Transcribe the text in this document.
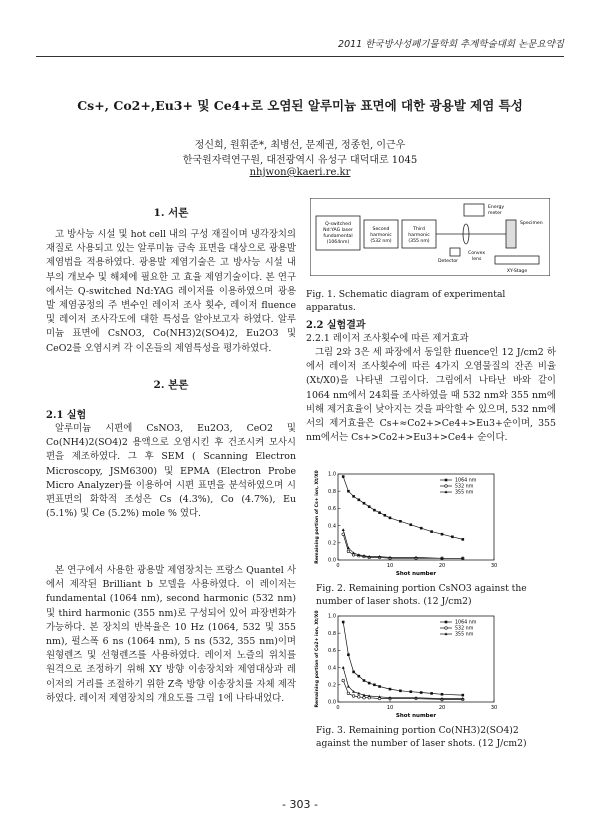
2011 한국방사성폐기물학회 추계학술대회 논문요약집
Cs+, Co2+,Eu3+ 및 Ce4+로 오염된 알루미늄 표면에 대한 광용발 제염 특성
정신희, 원휘준*, 최병선, 문제권, 정종헌, 이근우
한국원자력연구원, 대전광역시 유성구 대덕대로 1045
nhjwon@kaeri.re.kr
1. 서론
고 방사능 시설 및 hot cell 내의 구성 재질이며 냉각장치의 재질로 사용되고 있는 알루미늄 금속 표면을 대상으로 광용발 제염법을 적용하였다. 광용발 제염기술은 고 방사능 시설 내부의 개보수 및 해체에 필요한 고 효율 제염기술이다. 본 연구에서는 Q-switched Nd:YAG 레이저를 이용하였으며 광용발 제염공정의 주 변수인 레이저 조사 횟수, 레이저 fluence 및 레이저 조사각도에 대한 특성을 알아보고자 하였다. 알루미늄 표면에 CsNO3, Co(NH3)2(SO4)2, Eu2O3 및 CeO2를 오염시켜 각 이온들의 제염특성을 평가하였다.
2. 본론
2.1 실험
알루미늄 시편에 CsNO3, Eu2O3, CeO2 및 Co(NH4)2(SO4)2 용액으로 오염시킨 후 건조시켜 모사시편을 제조하였다. 그 후 SEM ( Scanning Electron Microscopy, JSM6300) 및 EPMA (Electron Probe Micro Analyzer)를 이용하여 시편 표면을 분석하였으며 시편표면의 화학적 조성은 Cs (4.3%), Co (4.7%), Eu (5.1%) 및 Ce (5.2%) mole % 였다.
본 연구에서 사용한 광용발 제염장치는 프랑스 Quantel 사에서 제작된 Brilliant b 모델을 사용하였다. 이 레이저는 fundamental (1064 nm), second harmonic (532 nm) 및 third harmonic (355 nm)로 구성되어 있어 파장변화가 가능하다. 본 장치의 반복율은 10 Hz (1064, 532 및 355 nm), 펄스폭 6 ns (1064 nm), 5 ns (532, 355 nm)이며 원형렌즈 및 선형렌즈를 사용하였다. 레이저 노즐의 위치를 원격으로 조정하기 위해 XY 방향 이송장치와 제염대상과 레이저의 거리를 조절하기 위한 Z축 방향 이송장치를 자체 제작하였다. 레이저 제염장치의 개요도를 그림 1에 나타내었다.
Q-switched
Nd:YAG laser
fundamental
(1064nm)
Second
harmonic
(532 nm)
Third
harmonic
(355 nm)
Energy
meter
Specimen
Detector
Convex
lens
XY-Stage
Fig. 1. Schematic diagram of experimental apparatus.
2.2 실험결과
2.2.1 레이저 조사횟수에 따른 제거효과
그림 2와 3은 세 파장에서 동일한 fluence인 12 J/cm2 하에서 레이저 조사횟수에 따른 4가지 오염물질의 잔존 비율 (Xt/X0)을 나타낸 그림이다. 그림에서 나타난 바와 같이 1064 nm에서 24회를 조사하였을 때 532 nm와 355 nm에 비해 제거효율이 낮아지는 것을 파악할 수 있으며, 532 nm에서의 제거효율은 Cs+≈Co2+>Ce4+>Eu3+순이며, 355 nm에서는 Cs+>Co2+>Eu3+>Ce4+ 순이다.
0	10	20	30
0.0
0.2
0.4
0.6
0.8
1.0
Shot number
Remaining portion of Cs+ ion, Xt/X0	1064 nm
532 nm
355 nm
Fig. 2. Remaining portion CsNO3 against the number of laser shots. (12 J/cm2)
0	10	20	30
0.0
0.2
0.4
0.6
0.8
1.0
Shot number
Remaining portion of Co2+ ion, Xt/X0	1064 nm
532 nm
355 nm
Fig. 3. Remaining portion Co(NH3)2(SO4)2 against the number of laser shots. (12 J/cm2)
- 303 -
